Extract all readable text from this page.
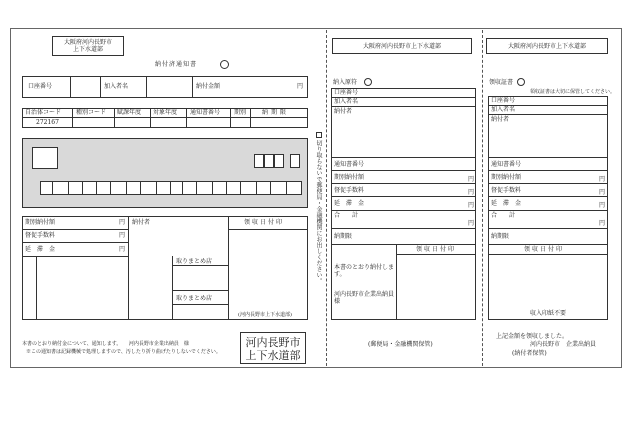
大阪府河内長野市
上下水道部
納付済通知書
口座番号	加入者名	納付金額	円
自治体コード 種別コード 賦課年度 対象年度 通知書番号 期別	納期限
272167
期別納付額	円
督促手数料	円
延　滞　金	円
納付者	領収日付印
取りまとめ店
取りまとめ店
(河内長野市上下水道部)
本書のとおり納付金について、通知します。　　河内長野市企業出納員　様
※この通知書は記録機械で処理しますので、汚したり折り曲げたりしないでください。
河内長野市
上下水道部
切り取らないで郵便局・金融機関にお出しください。
大阪府河内長野市上下水道部
納入原符
口座番号
加入者名
納付者
通知書番号
期別納付額	円
督促手数料	円
延　滞　金	円
合　　計
円
納期限
領収日付印
本書のとおり納付します。
河内長野市企業出納員　様
(郵便局・金融機関保管)
大阪府河内長野市上下水道部
領収証書
領収証書は大切に保管してください。
口座番号
加入者名
納付者
通知書番号
期別納付額	円
督促手数料	円
延　滞　金	円
合　　計
円
納期限
領収日付印
収入印紙不要
上記金額を領収しました。
河内長野市　企業出納員
(納付者保管)
